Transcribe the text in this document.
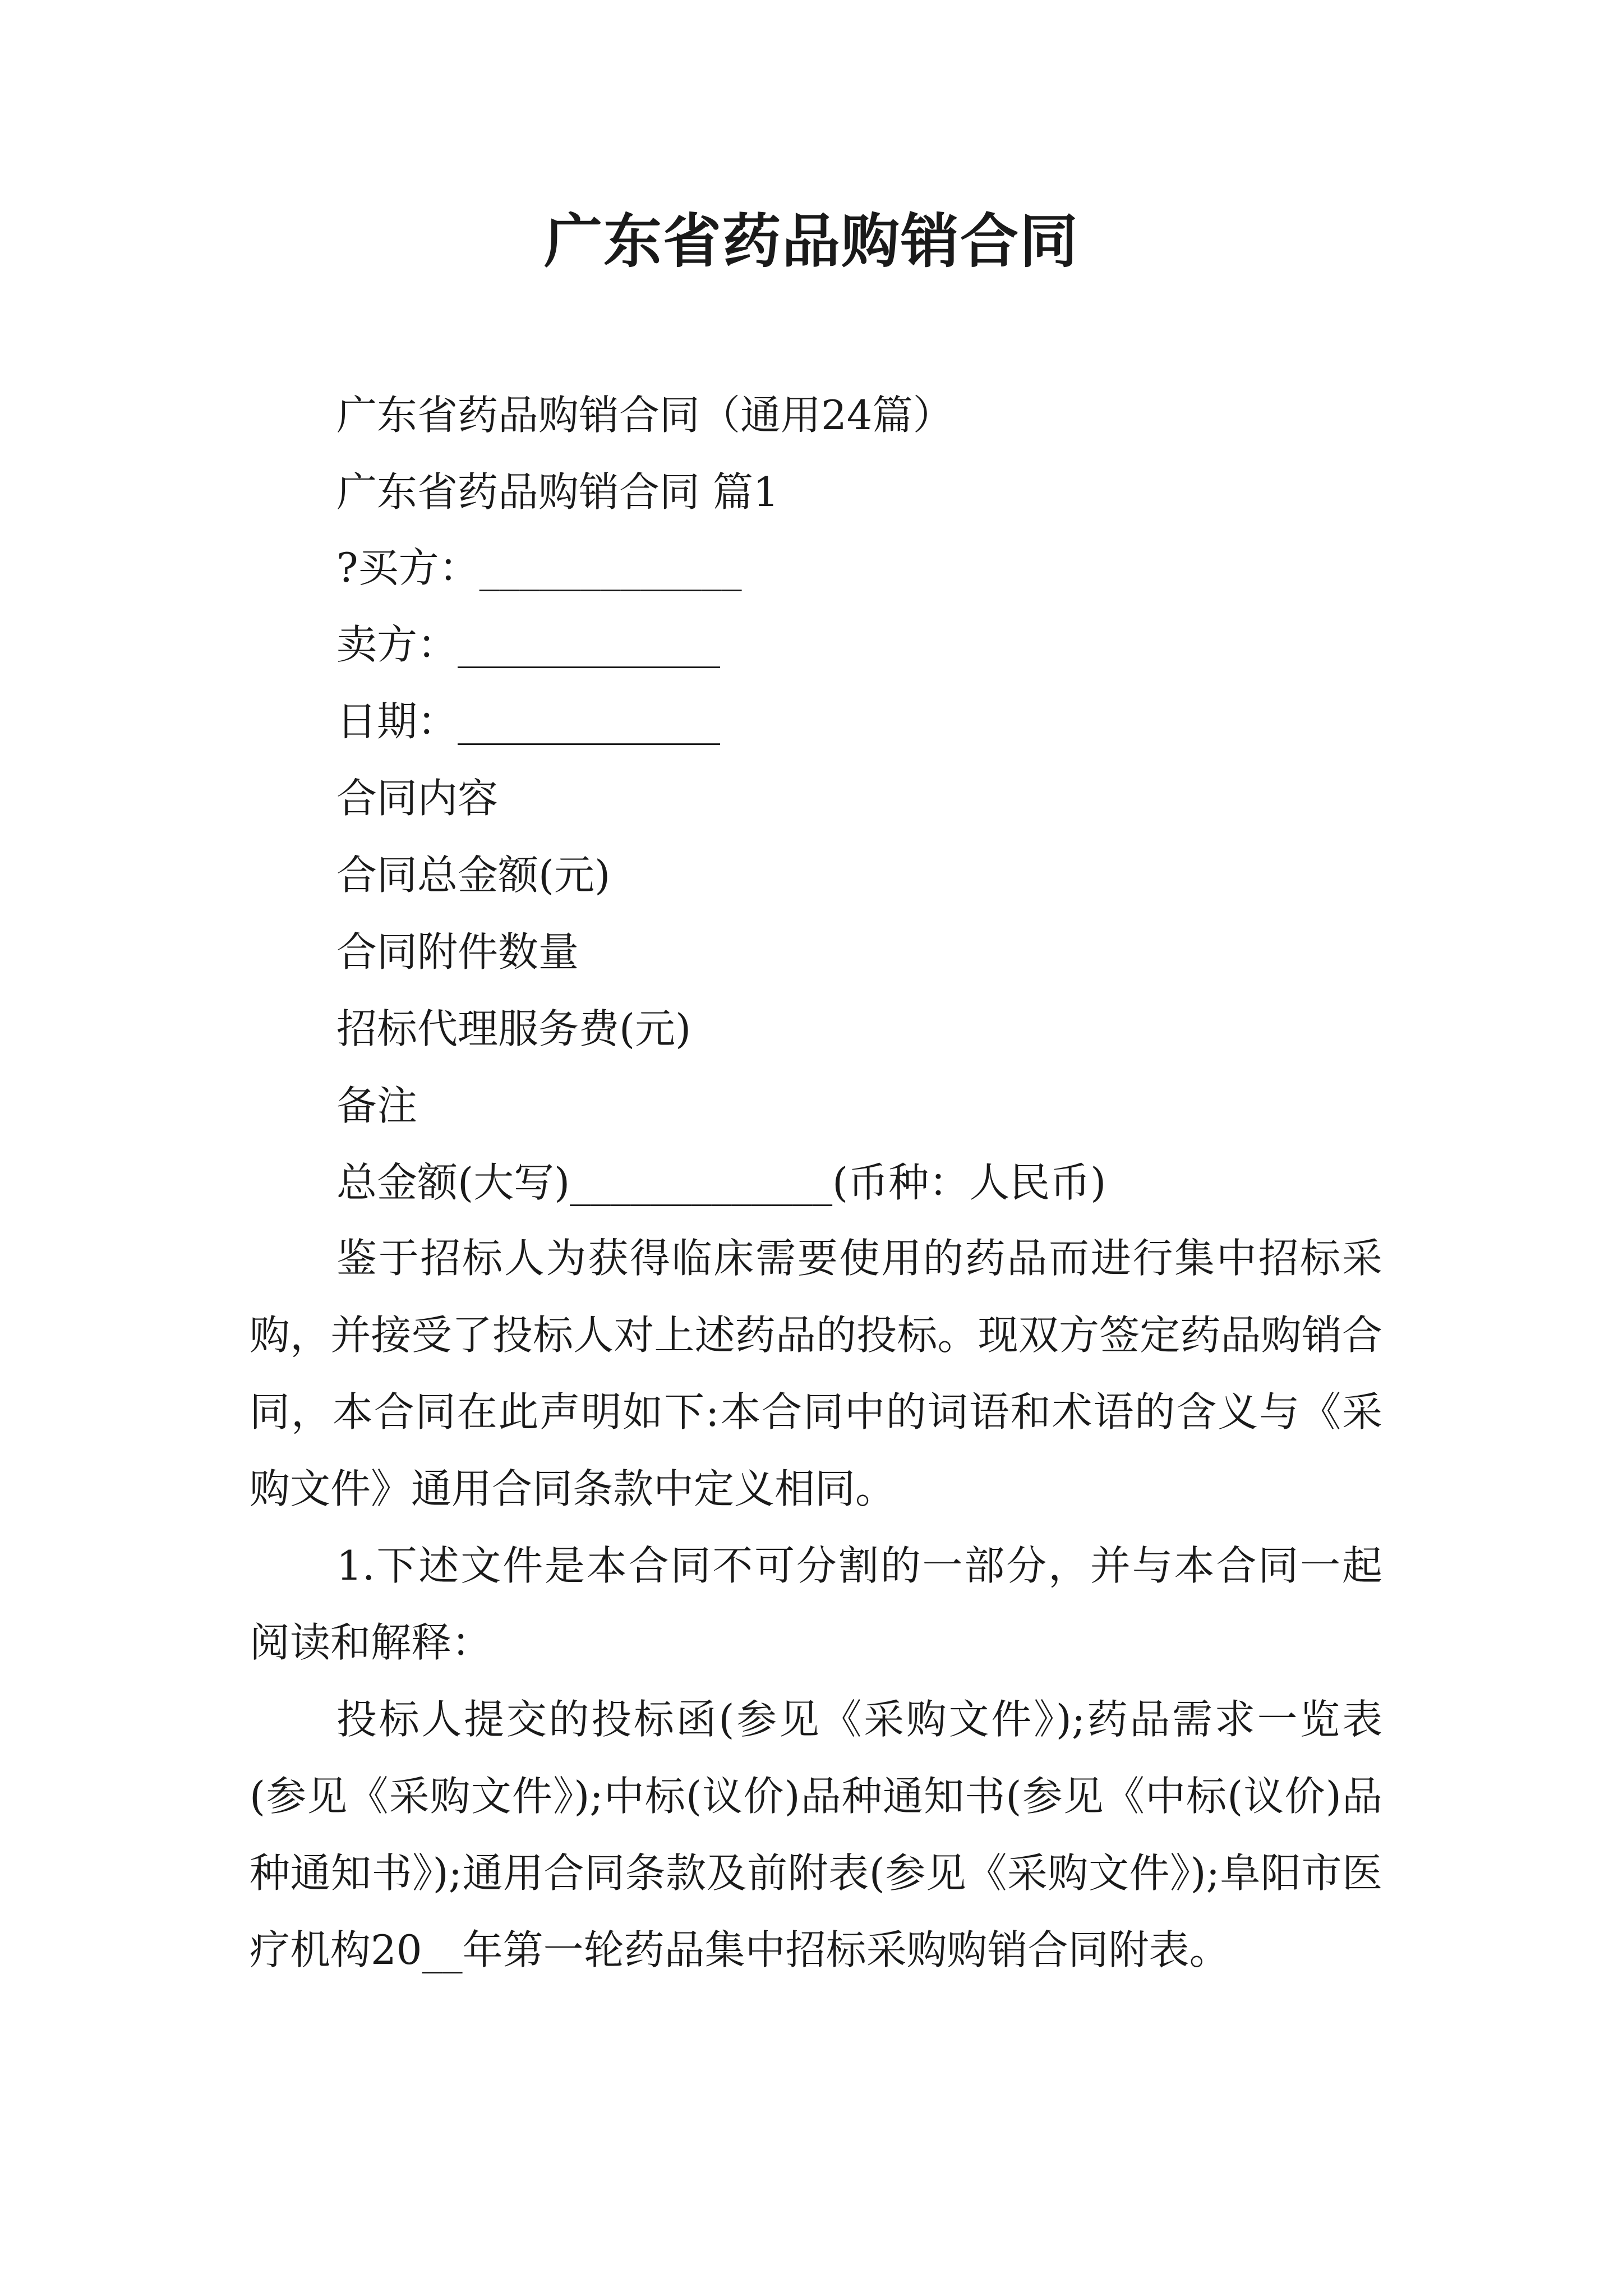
广东省药品购销合同
广东省药品购销合同（通用24篇）
广东省药品购销合同 篇1
?买方：_____________
卖方：_____________
日期：_____________
合同内容
合同总金额(元)
合同附件数量
招标代理服务费(元)
备注
总金额(大写)_____________(币种：人民币)

鉴于招标人为获得临床需要使用的药品而进行集中招标采购，并接受了投标人对上述药品的投标。现双方签定药品购销合同，本合同在此声明如下:本合同中的词语和术语的含义与《采购文件》通用合同条款中定义相同。

1.下述文件是本合同不可分割的一部分，并与本合同一起阅读和解释：

投标人提交的投标函(参见《采购文件》);药品需求一览表(参见《采购文件》);中标(议价)品种通知书(参见《中标(议价)品种通知书》);通用合同条款及前附表(参见《采购文件》);阜阳市医疗机构20__年第一轮药品集中招标采购购销合同附表。
